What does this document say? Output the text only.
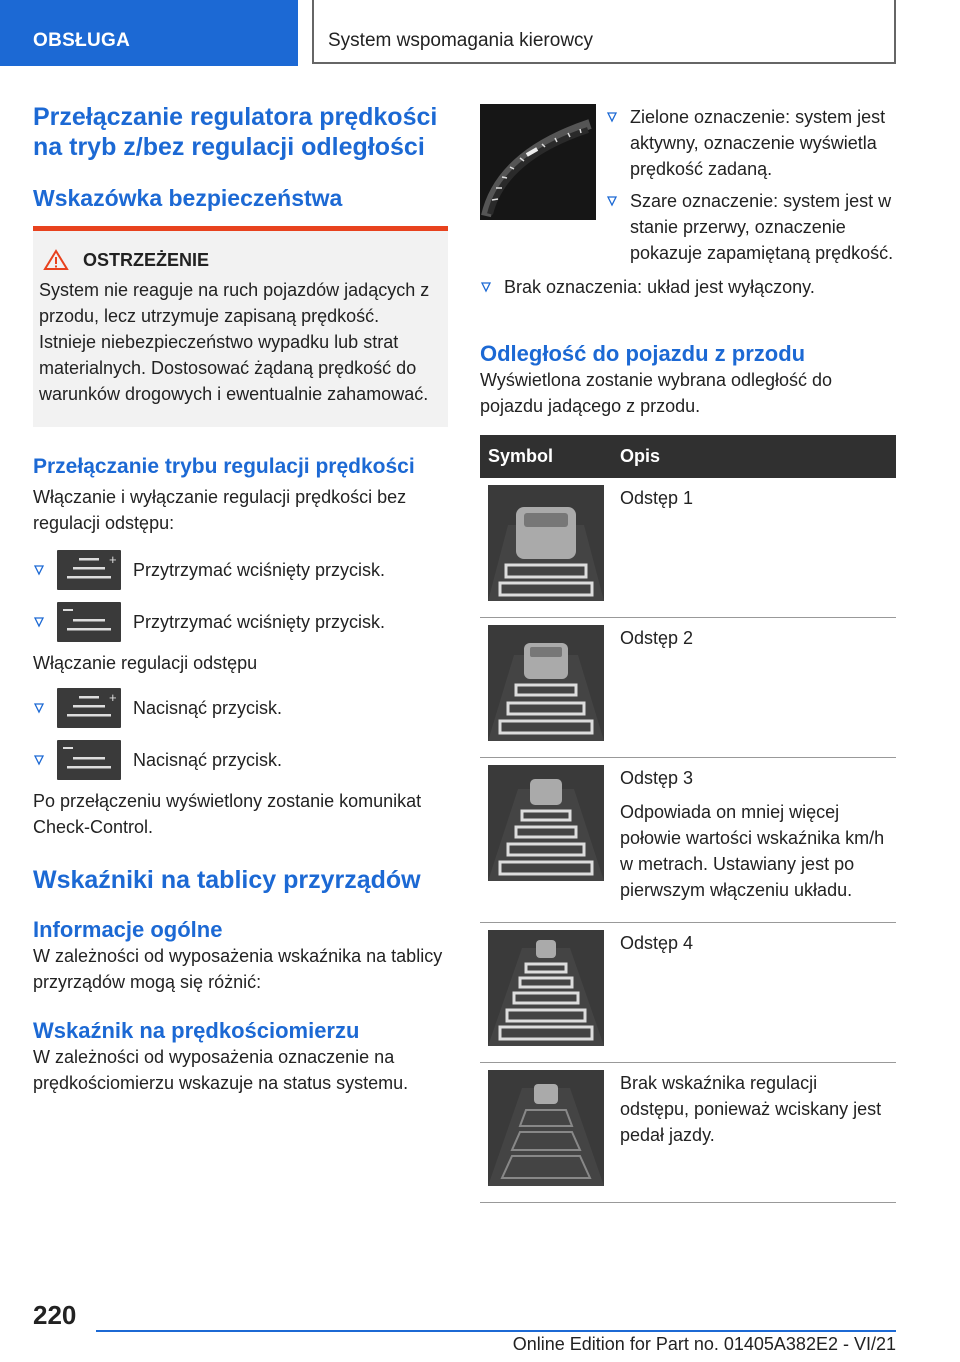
OBSŁUGA	System wspomagania kierowcy
Przełączanie regulatora prędkości na tryb z/bez regulacji odległości
Wskazówka bezpieczeństwa
OSTRZEŻENIE

System nie reaguje na ruch pojazdów jadących z przodu, lecz utrzymuje zapisaną prędkość. Istnieje niebezpieczeństwo wypadku lub strat materialnych. Dostosować żądaną prędkość do warunków drogowych i ewentualnie zahamować.

Przełączanie trybu regulacji prędkości

Włączanie i wyłączanie regulacji prędkości bez regulacji odstępu:

+ Przytrzymać wciśnięty przycisk.
Przytrzymać wciśnięty przycisk.

Włączanie regulacji odstępu

+ Nacisnąć przycisk.
Nacisnąć przycisk.

Po przełączeniu wyświetlony zostanie komunikat Check-Control.

Wskaźniki na tablicy przyrządów
Informacje ogólne

W zależności od wyposażenia wskaźnika na tablicy przyrządów mogą się różnić:

Wskaźnik na prędkościomierzu

W zależności od wyposażenia oznaczenie na prędkościomierzu wskazuje na status systemu.

Zielone oznaczenie: system jest aktywny, oznaczenie wyświetla prędkość zadaną.

Szare oznaczenie: system jest w stanie przerwy, oznaczenie pokazuje zapamiętaną prędkość.

Brak oznaczenia: układ jest wyłączony.

Odległość do pojazdu z przodu

Wyświetlona zostanie wybrana odległość do pojazdu jadącego z przodu.

Symbol	Opis

Odstęp 1

Odstęp 2

Odstęp 3

Odpowiada on mniej więcej połowie wartości wskaźnika km/h w metrach. Ustawiany jest po pierwszym włączeniu układu.

Odstęp 4

Brak wskaźnika regulacji odstępu, ponieważ wciskany jest pedał jazdy.

220
Online Edition for Part no. 01405A382E2 - VI/21
